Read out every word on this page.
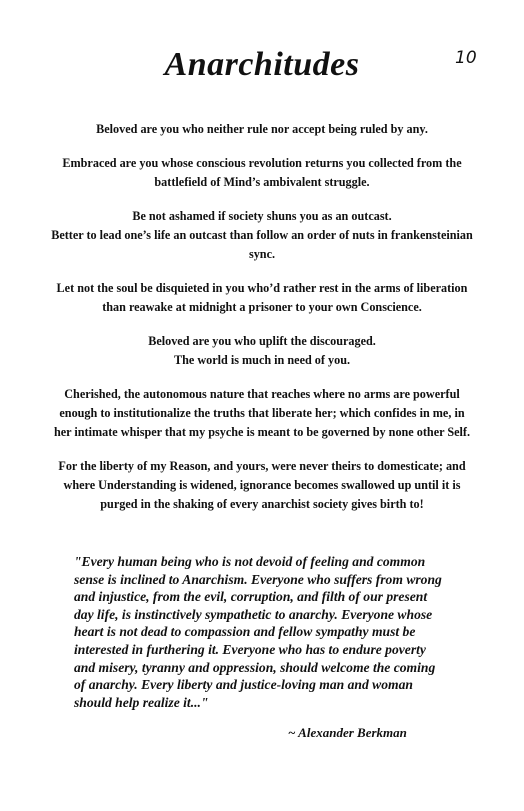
Anarchitudes	10
Beloved are you who neither rule nor accept being ruled by any.
Embraced are you whose conscious revolution returns you collected from the
battlefield of Mind’s ambivalent struggle.
Be not ashamed if society shuns you as an outcast.
Better to lead one’s life an outcast than follow an order of nuts in frankensteinian
sync.
Let not the soul be disquieted in you who’d rather rest in the arms of liberation
than reawake at midnight a prisoner to your own Conscience.
Beloved are you who uplift the discouraged.
The world is much in need of you.
Cherished, the autonomous nature that reaches where no arms are powerful
enough to institutionalize the truths that liberate her; which confides in me, in
her intimate whisper that my psyche is meant to be governed by none other Self.
For the liberty of my Reason, and yours, were never theirs to domesticate; and
where Understanding is widened, ignorance becomes swallowed up until it is
purged in the shaking of every anarchist society gives birth to!
"Every human being who is not devoid of feeling and common
sense is inclined to Anarchism. Everyone who suffers from wrong
and injustice, from the evil, corruption, and filth of our present
day life, is instinctively sympathetic to anarchy. Everyone whose
heart is not dead to compassion and fellow sympathy must be
interested in furthering it. Everyone who has to endure poverty
and misery, tyranny and oppression, should welcome the coming
of anarchy. Every liberty and justice-loving man and woman
should help realize it..."
~ Alexander Berkman
